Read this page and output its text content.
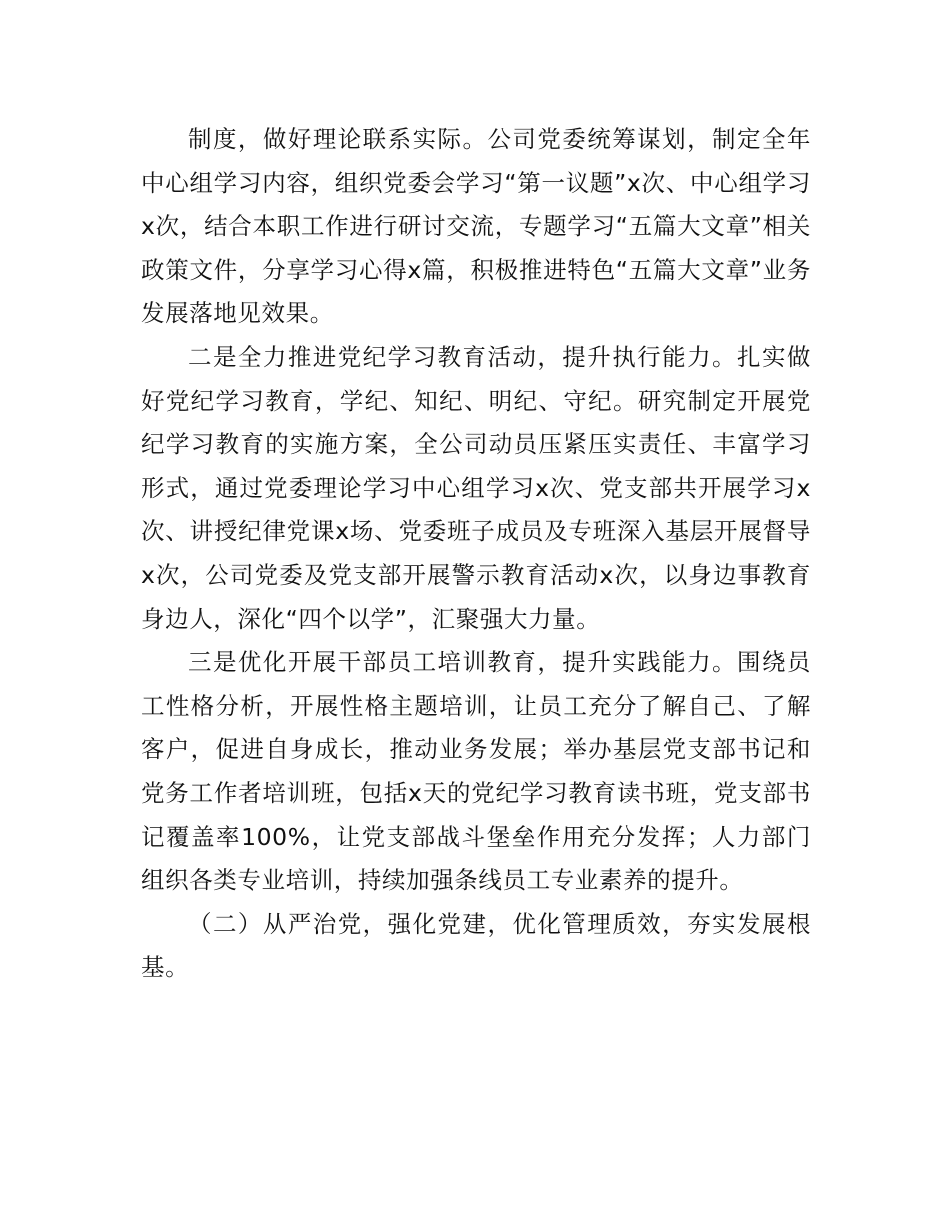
制度，做好理论联系实际。公司党委统筹谋划，制定全年中心组学习内容，组织党委会学习“第一议题”x次、中心组学习x次，结合本职工作进行研讨交流，专题学习“五篇大文章”相关政策文件，分享学习心得x篇，积极推进特色“五篇大文章”业务发展落地见效果。

二是全力推进党纪学习教育活动，提升执行能力。扎实做好党纪学习教育，学纪、知纪、明纪、守纪。研究制定开展党纪学习教育的实施方案，全公司动员压紧压实责任、丰富学习形式，通过党委理论学习中心组学习x次、党支部共开展学习x次、讲授纪律党课x场、党委班子成员及专班深入基层开展督导x次，公司党委及党支部开展警示教育活动x次，以身边事教育身边人，深化“四个以学”，汇聚强大力量。

三是优化开展干部员工培训教育，提升实践能力。围绕员工性格分析，开展性格主题培训，让员工充分了解自己、了解客户，促进自身成长，推动业务发展；举办基层党支部书记和党务工作者培训班，包括x天的党纪学习教育读书班，党支部书记覆盖率100%，让党支部战斗堡垒作用充分发挥；人力部门组织各类专业培训，持续加强条线员工专业素养的提升。

（二）从严治党，强化党建，优化管理质效，夯实发展根基。
